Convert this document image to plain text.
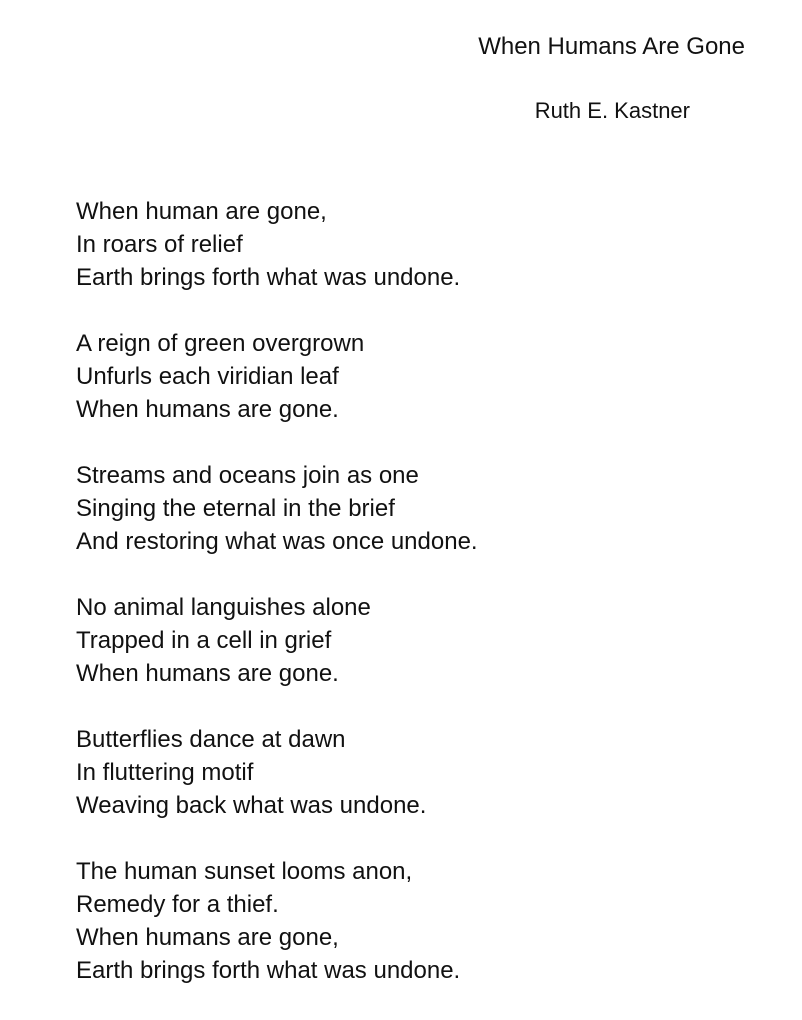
When Humans Are Gone

Ruth E. Kastner

When human are gone,
In roars of relief
Earth brings forth what was undone.
A reign of green overgrown
Unfurls each viridian leaf
When humans are gone.
Streams and oceans join as one
Singing the eternal in the brief
And restoring what was once undone.
No animal languishes alone
Trapped in a cell in grief
When humans are gone.
Butterflies dance at dawn
In fluttering motif
Weaving back what was undone.
The human sunset looms anon,
Remedy for a thief.
When humans are gone,
Earth brings forth what was undone.
